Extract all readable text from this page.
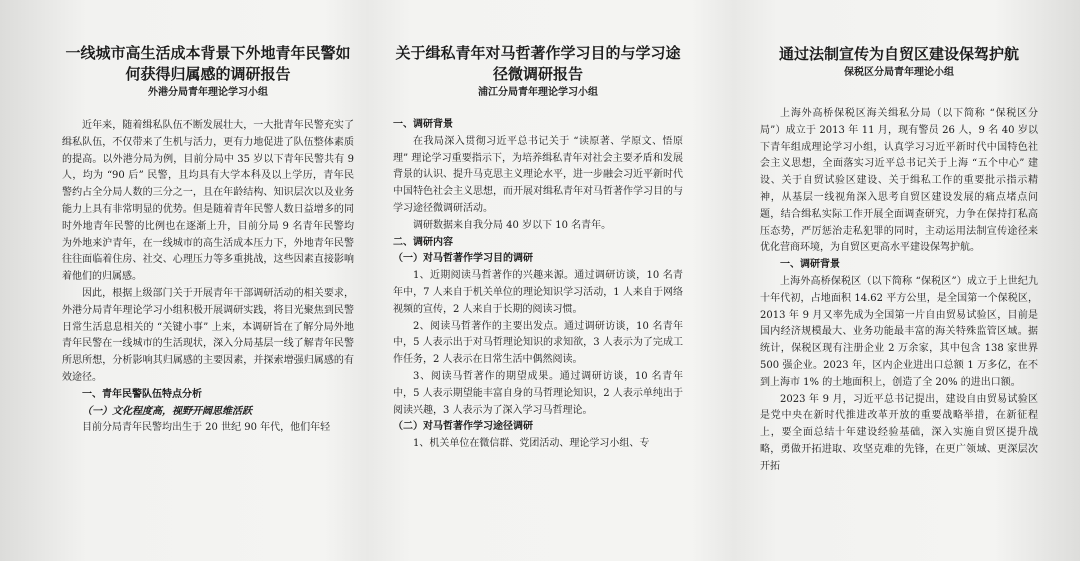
一线城市高生活成本背景下外地青年民警如何获得归属感的调研报告
外港分局青年理论学习小组

近年来，随着缉私队伍不断发展壮大，一大批青年民警充实了缉私队伍，不仅带来了生机与活力，更有力地促进了队伍整体素质的提高。以外港分局为例，目前分局中 35 岁以下青年民警共有 9 人，均为 “90 后” 民警，且均具有大学本科及以上学历，青年民警约占全分局人数的三分之一，且在年龄结构、知识层次以及业务能力上具有非常明显的优势。但是随着青年民警人数日益增多的同时外地青年民警的比例也在逐渐上升，目前分局 9 名青年民警均为外地来沪青年，在一线城市的高生活成本压力下，外地青年民警往往面临着住房、社交、心理压力等多重挑战，这些因素直接影响着他们的归属感。

因此，根据上级部门关于开展青年干部调研活动的相关要求，外港分局青年理论学习小组积极开展调研实践，将目光聚焦到民警日常生活息息相关的 “关键小事” 上来，本调研旨在了解分局外地青年民警在一线城市的生活现状，深入分局基层一线了解青年民警所思所想，分析影响其归属感的主要因素，并探索增强归属感的有效途径。

一、青年民警队伍特点分析

（一）文化程度高，视野开阔思维活跃

目前分局青年民警均出生于 20 世纪 90 年代，他们年轻

关于缉私青年对马哲著作学习目的与学习途径微调研报告
浦江分局青年理论学习小组

一、调研背景

在我局深入贯彻习近平总书记关于 “读原著、学原文、悟原理” 理论学习重要指示下，为培养缉私青年对社会主要矛盾和发展背景的认识、提升马克思主义理论水平，进一步融会习近平新时代中国特色社会主义思想，而开展对缉私青年对马哲著作学习目的与学习途径微调研活动。

调研数据来自我分局 40 岁以下 10 名青年。

二、调研内容

（一）对马哲著作学习目的调研

1、近期阅读马哲著作的兴趣来源。通过调研访谈，10 名青年中，7 人来自于机关单位的理论知识学习活动，1 人来自于网络视频的宣传，2 人来自于长期的阅读习惯。

2、阅读马哲著作的主要出发点。通过调研访谈，10 名青年中，5 人表示出于对马哲理论知识的求知欲，3 人表示为了完成工作任务，2 人表示在日常生活中偶然阅读。

3、阅读马哲著作的期望成果。通过调研访谈，10 名青年中，5 人表示期望能丰富自身的马哲理论知识，2 人表示单纯出于阅读兴趣，3 人表示为了深入学习马哲理论。

（二）对马哲著作学习途径调研

1、机关单位在微信群、党团活动、理论学习小组、专

通过法制宣传为自贸区建设保驾护航
保税区分局青年理论小组

上海外高桥保税区海关缉私分局（以下简称 “保税区分局”）成立于 2013 年 11 月，现有警员 26 人，9 名 40 岁以下青年组成理论学习小组，认真学习习近平新时代中国特色社会主义思想，全面落实习近平总书记关于上海 “五个中心” 建设、关于自贸试验区建设、关于缉私工作的重要批示指示精神，从基层一线视角深入思考自贸区建设发展的痛点堵点问题，结合缉私实际工作开展全面调查研究，力争在保持打私高压态势，严厉惩治走私犯罪的同时，主动运用法制宣传途径来优化营商环境，为自贸区更高水平建设保驾护航。

一、调研背景

上海外高桥保税区（以下简称 “保税区”）成立于上世纪九十年代初，占地面积 14.62 平方公里，是全国第一个保税区，2013 年 9 月又率先成为全国第一片自由贸易试验区，目前是国内经济规模最大、业务功能最丰富的海关特殊监管区域。据统计，保税区现有注册企业 2 万余家，其中包含 138 家世界 500 强企业。2023 年，区内企业进出口总额 1 万多亿，在不到上海市 1% 的土地面积上，创造了全 20% 的进出口额。

2023 年 9 月，习近平总书记提出，建设自由贸易试验区是党中央在新时代推进改革开放的重要战略举措，在新征程上，要全面总结十年建设经验基础，深入实施自贸区提升战略，勇做开拓进取、攻坚克难的先锋，在更广领域、更深层次开拓
